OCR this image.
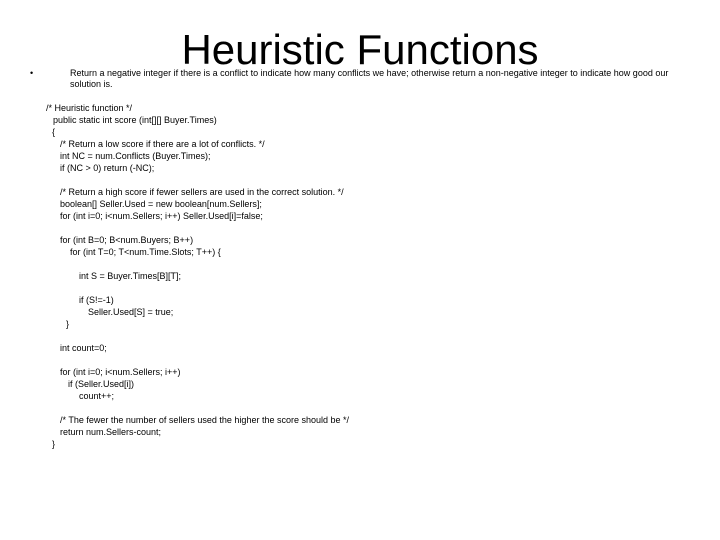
Heuristic Functions
•	Return a negative integer if there is a conflict to indicate how many conflicts we have; otherwise return a non-negative integer to indicate how good our solution is.

/* Heuristic function */
public static int score (int[][] Buyer.Times)
{
/* Return a low score if there are a lot of conflicts. */
int NC = num.Conflicts (Buyer.Times);
if (NC > 0) return (-NC);
/* Return a high score if fewer sellers are used in the correct solution. */
boolean[] Seller.Used = new boolean[num.Sellers];
for (int i=0; i<num.Sellers; i++) Seller.Used[i]=false;
for (int B=0; B<num.Buyers; B++)
for (int T=0; T<num.Time.Slots; T++) {
int S = Buyer.Times[B][T];
if (S!=-1)
Seller.Used[S] = true;
}
int count=0;
for (int i=0; i<num.Sellers; i++)
if (Seller.Used[i])
count++;
/* The fewer the number of sellers used the higher the score should be */
return num.Sellers-count;
}
